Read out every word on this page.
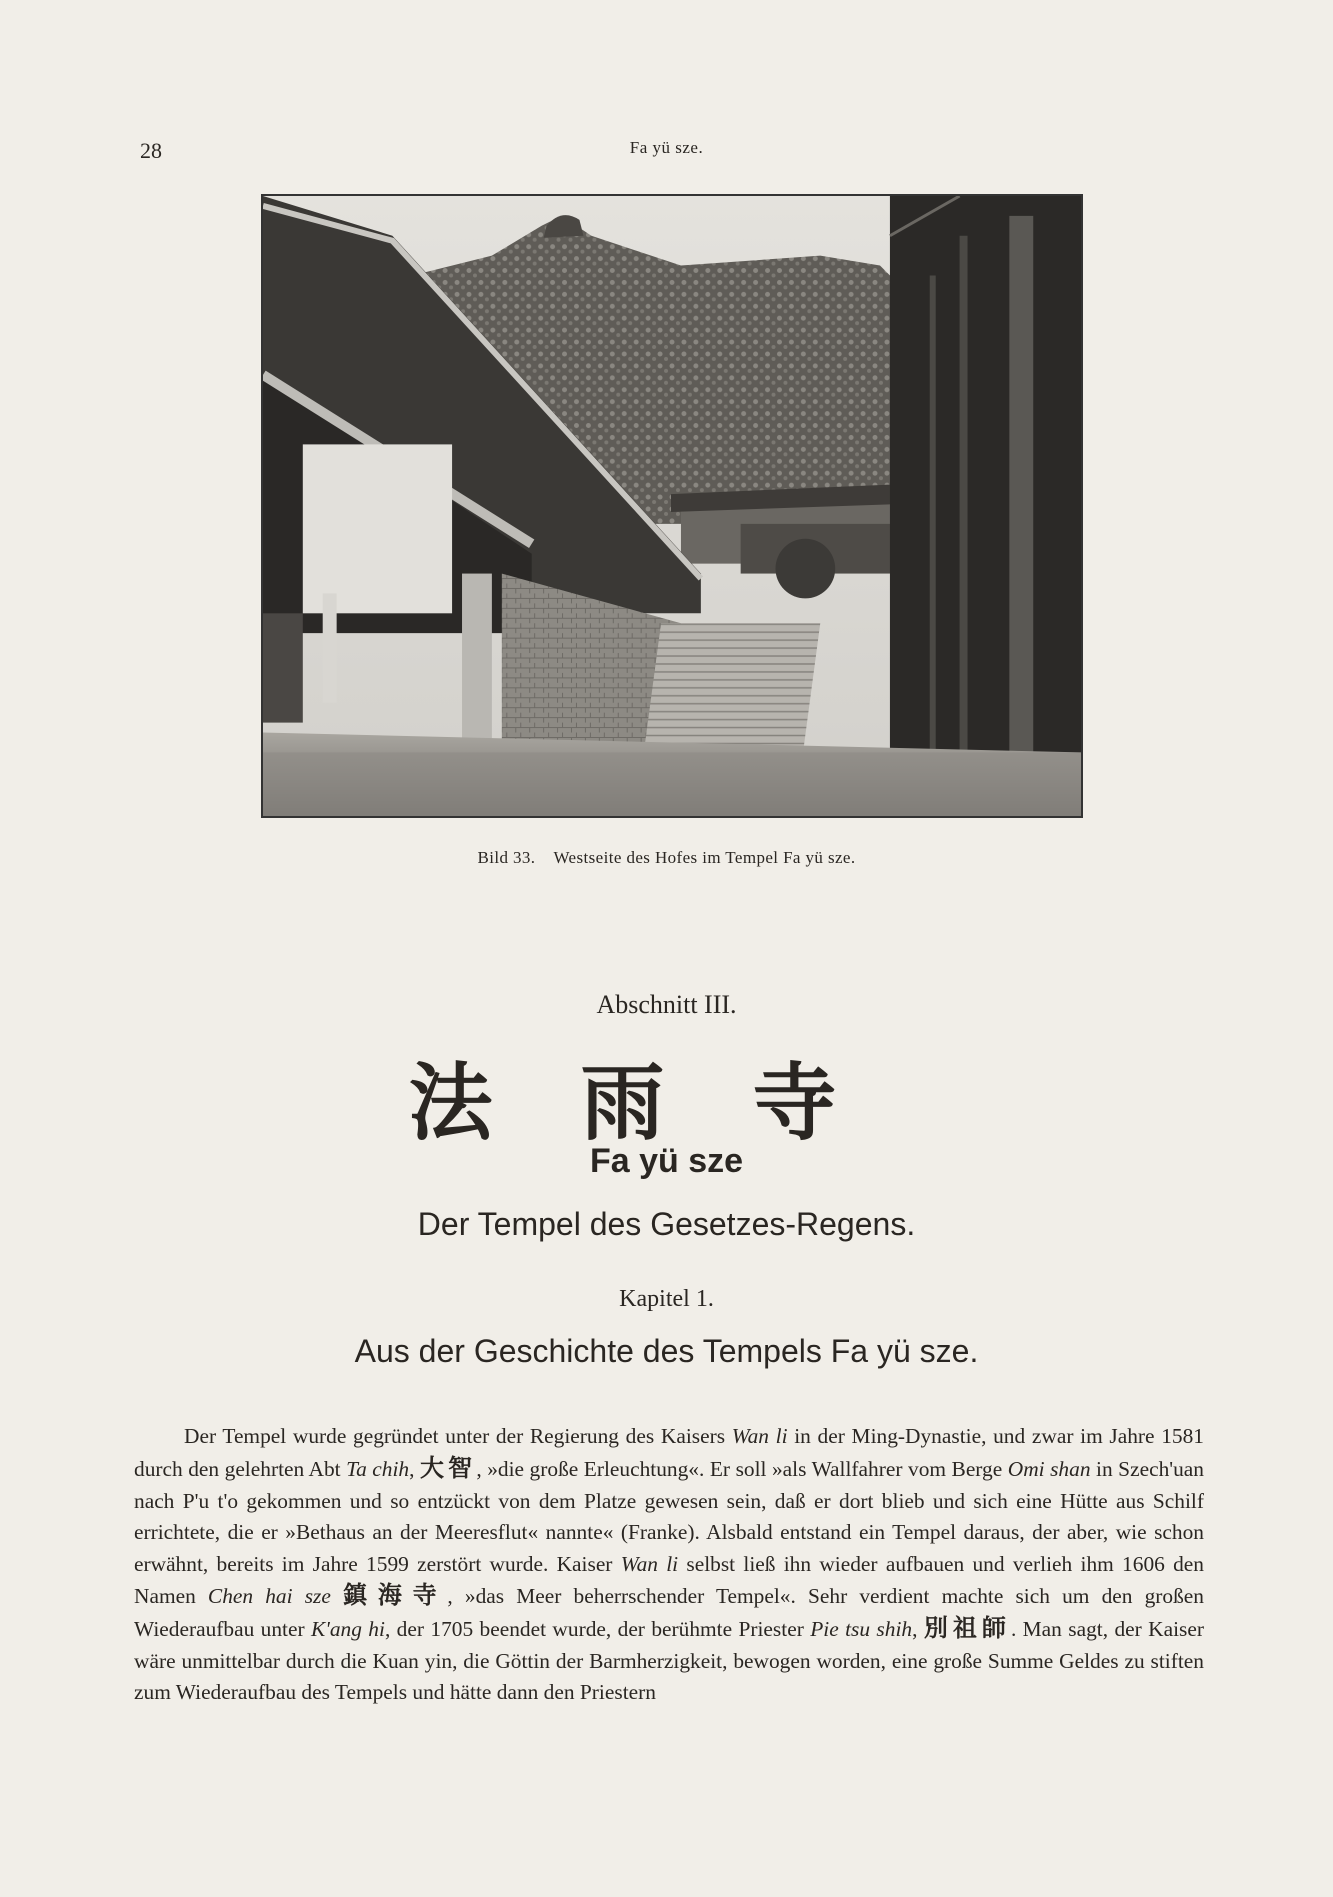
28	Fa yü sze.
Bild 33. Westseite des Hofes im Tempel Fa yü sze.
Abschnitt III.
法雨寺
Fa yü sze
Der Tempel des Gesetzes-Regens.
Kapitel 1.
Aus der Geschichte des Tempels Fa yü sze.

Der Tempel wurde gegründet unter der Regierung des Kaisers Wan li in der Ming-Dynastie, und zwar im Jahre 1581 durch den gelehrten Abt Ta chih, 大智, »die große Erleuchtung«. Er soll »als Wallfahrer vom Berge Omi shan in Szech'uan nach P'u t'o gekommen und so entzückt von dem Platze gewesen sein, daß er dort blieb und sich eine Hütte aus Schilf errichtete, die er »Bethaus an der Meeresflut« nannte« (Franke). Alsbald entstand ein Tempel daraus, der aber, wie schon erwähnt, bereits im Jahre 1599 zerstört wurde. Kaiser Wan li selbst ließ ihn wieder aufbauen und verlieh ihm 1606 den Namen Chen hai sze 鎮海寺, »das Meer beherrschender Tempel«. Sehr verdient machte sich um den großen Wiederaufbau unter K'ang hi, der 1705 beendet wurde, der berühmte Priester Pie tsu shih, 別祖師. Man sagt, der Kaiser wäre unmittelbar durch die Kuan yin, die Göttin der Barmherzigkeit, bewogen worden, eine große Summe Geldes zu stiften zum Wiederaufbau des Tempels und hätte dann den Priestern
